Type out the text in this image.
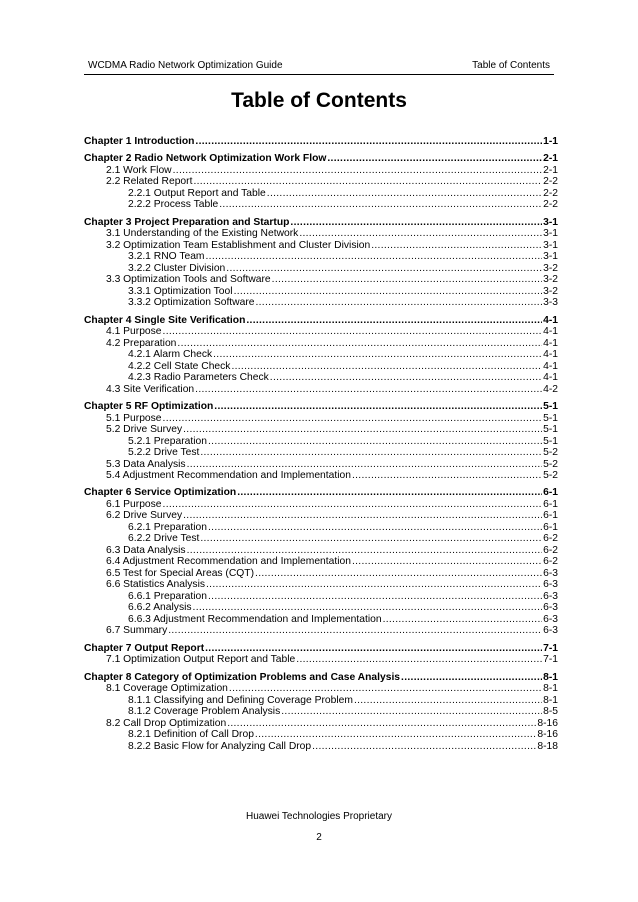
WCDMA Radio Network Optimization Guide	Table of Contents
Table of Contents
Chapter 1 Introduction .....	1-1
Chapter 2 Radio Network Optimization Work Flow .....	2-1
2.1 Work Flow .....	2-1
2.2 Related Report .....	2-2
2.2.1 Output Report and Table .....	2-2
2.2.2 Process Table .....	2-2
Chapter 3 Project Preparation and Startup .....	3-1
3.1 Understanding of the Existing Network .....	3-1
3.2 Optimization Team Establishment and Cluster Division .....	3-1
3.2.1 RNO Team .....	3-1
3.2.2 Cluster Division .....	3-2
3.3 Optimization Tools and Software .....	3-2
3.3.1 Optimization Tool .....	3-2
3.3.2 Optimization Software .....	3-3
Chapter 4 Single Site Verification .....	4-1
4.1 Purpose .....	4-1
4.2 Preparation .....	4-1
4.2.1 Alarm Check .....	4-1
4.2.2 Cell State Check .....	4-1
4.2.3 Radio Parameters Check .....	4-1
4.3 Site Verification .....	4-2
Chapter 5 RF Optimization .....	5-1
5.1 Purpose .....	5-1
5.2 Drive Survey .....	5-1
5.2.1 Preparation .....	5-1
5.2.2 Drive Test .....	5-2
5.3 Data Analysis .....	5-2
5.4 Adjustment Recommendation and Implementation .....	5-2
Chapter 6 Service Optimization .....	6-1
6.1 Purpose .....	6-1
6.2 Drive Survey .....	6-1
6.2.1 Preparation .....	6-1
6.2.2 Drive Test .....	6-2
6.3 Data Analysis .....	6-2
6.4 Adjustment Recommendation and Implementation .....	6-2
6.5 Test for Special Areas (CQT) .....	6-3
6.6 Statistics Analysis .....	6-3
6.6.1 Preparation .....	6-3
6.6.2 Analysis .....	6-3
6.6.3 Adjustment Recommendation and Implementation .....	6-3
6.7 Summary .....	6-3
Chapter 7 Output Report .....	7-1
7.1 Optimization Output Report and Table .....	7-1
Chapter 8 Category of Optimization Problems and Case Analysis .....	8-1
8.1 Coverage Optimization .....	8-1
8.1.1 Classifying and Defining Coverage Problem .....	8-1
8.1.2 Coverage Problem Analysis .....	8-5
8.2 Call Drop Optimization .....	8-16
8.2.1 Definition of Call Drop .....	8-16
8.2.2 Basic Flow for Analyzing Call Drop .....	8-18
Huawei Technologies Proprietary
2
